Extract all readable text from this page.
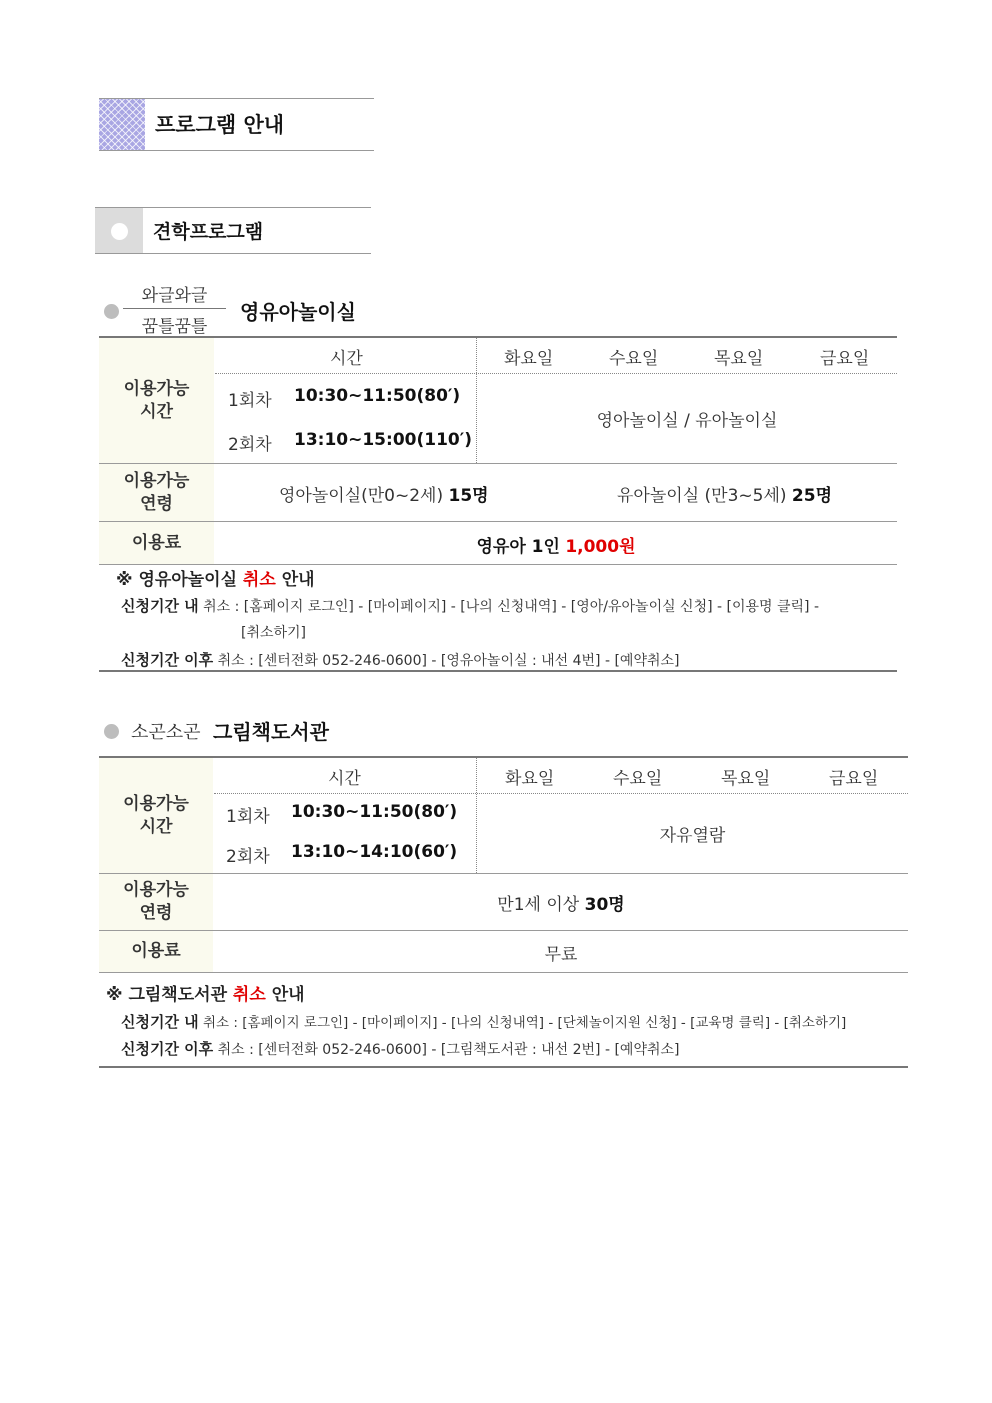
프로그램 안내
견학프로그램
와글와글
꿈틀꿈틀
영유아놀이실
이용가능 시간
시간	화요일	수요일	목요일	금요일
1회차 10:30~11:50(80′)
2회차 13:10~15:00(110′)
영아놀이실 / 유아놀이실
이용가능 연령	영아놀이실(만0~2세) 15명	유아놀이실 (만3~5세) 25명
이용료	영유아 1인 1,000원
※ 영유아놀이실 취소 안내
신청기간 내 취소 : [홈페이지 로그인] - [마이페이지] - [나의 신청내역] - [영아/유아놀이실 신청] - [이용명 클릭] -
[취소하기]
신청기간 이후 취소 : [센터전화 052-246-0600] - [영유아놀이실 : 내선 4번] - [예약취소]
소곤소곤 그림책도서관
이용가능 시간
시간	화요일	수요일	목요일	금요일
1회차 10:30~11:50(80′)
2회차 13:10~14:10(60′)
자유열람
이용가능 연령	만1세 이상 30명
이용료	무료
※ 그림책도서관 취소 안내
신청기간 내 취소 : [홈페이지 로그인] - [마이페이지] - [나의 신청내역] - [단체놀이지원 신청] - [교육명 클릭] - [취소하기]
신청기간 이후 취소 : [센터전화 052-246-0600] - [그림책도서관 : 내선 2번] - [예약취소]
